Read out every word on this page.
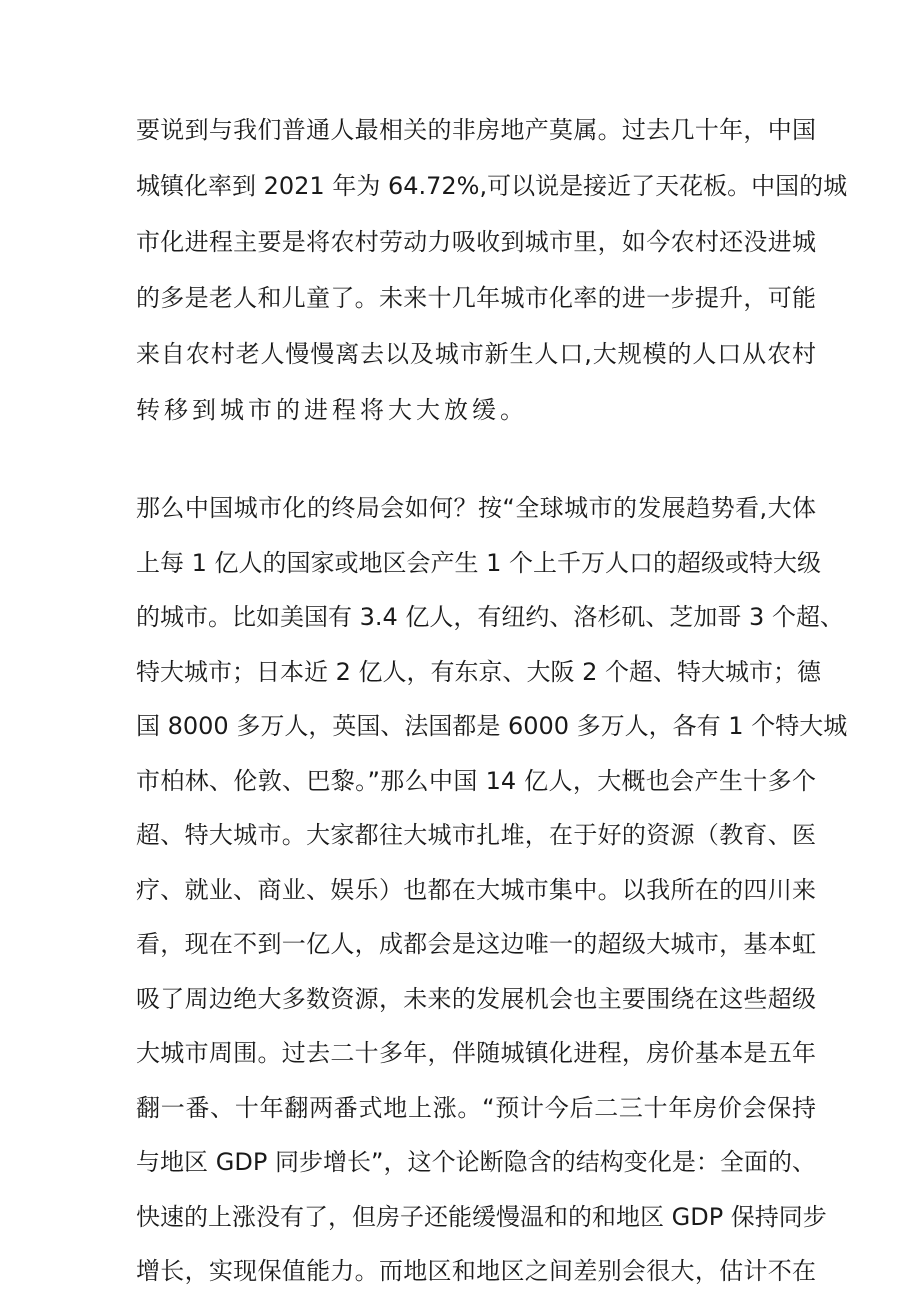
要说到与我们普通人最相关的非房地产莫属。过去几十年，中国
城镇化率到 2021 年为 64.72%,可以说是接近了天花板。中国的城
市化进程主要是将农村劳动力吸收到城市里，如今农村还没进城
的多是老人和儿童了。未来十几年城市化率的进一步提升，可能
来自农村老人慢慢离去以及城市新生人口,大规模的人口从农村
转移到城市的进程将大大放缓。
那么中国城市化的终局会如何？按“全球城市的发展趋势看,大体
上每 1 亿人的国家或地区会产生 1 个上千万人口的超级或特大级
的城市。比如美国有 3.4 亿人，有纽约、洛杉矶、芝加哥 3 个超、
特大城市；日本近 2 亿人，有东京、大阪 2 个超、特大城市；德
国 8000 多万人，英国、法国都是 6000 多万人，各有 1 个特大城
市柏林、伦敦、巴黎。”那么中国 14 亿人，大概也会产生十多个
超、特大城市。大家都往大城市扎堆，在于好的资源（教育、医
疗、就业、商业、娱乐）也都在大城市集中。以我所在的四川来
看，现在不到一亿人，成都会是这边唯一的超级大城市，基本虹
吸了周边绝大多数资源，未来的发展机会也主要围绕在这些超级
大城市周围。过去二十多年，伴随城镇化进程，房价基本是五年
翻一番、十年翻两番式地上涨。“预计今后二三十年房价会保持
与地区 GDP 同步增长”，这个论断隐含的结构变化是：全面的、
快速的上涨没有了，但房子还能缓慢温和的和地区 GDP 保持同步
增长，实现保值能力。而地区和地区之间差别会很大，估计不在
